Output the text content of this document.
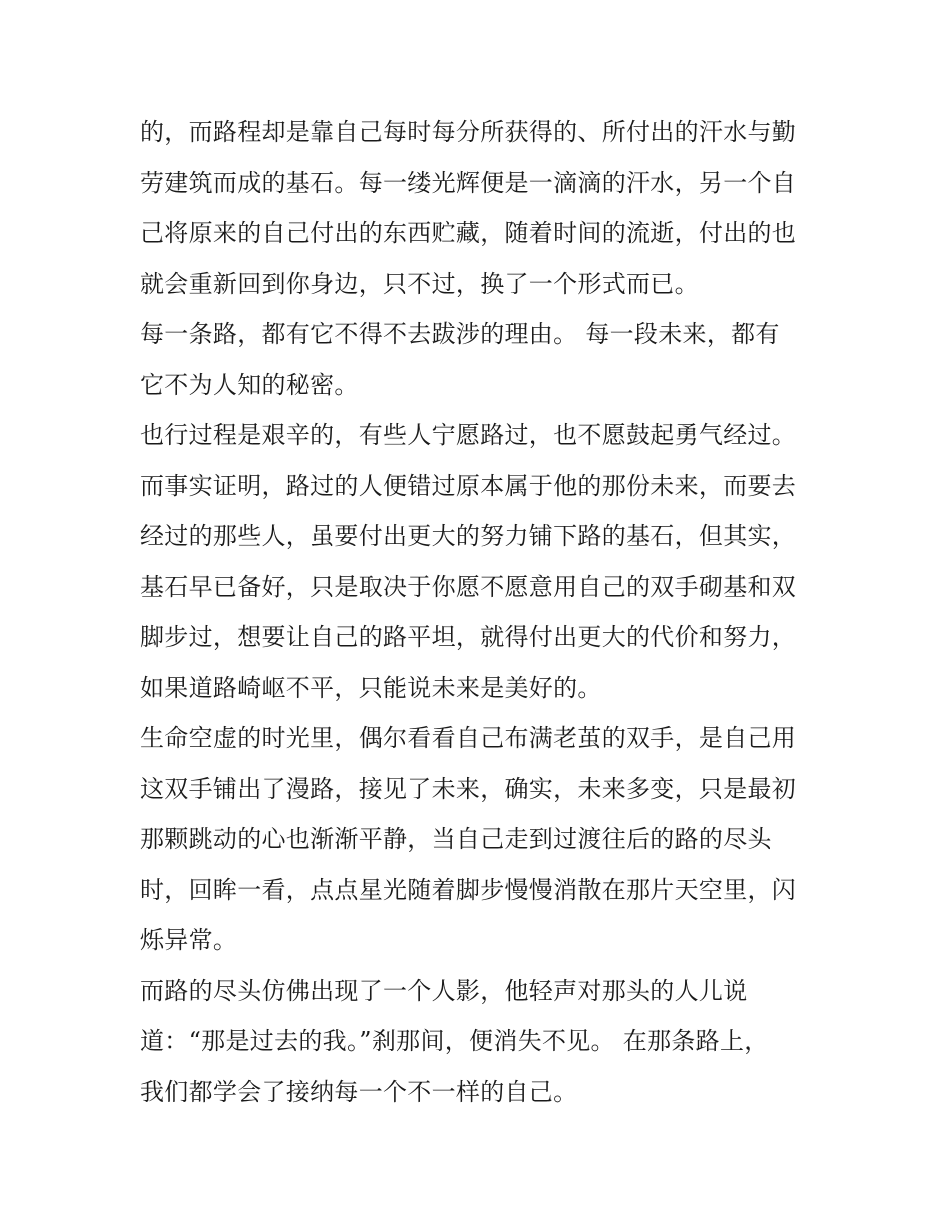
的，而路程却是靠自己每时每分所获得的、所付出的汗水与勤
劳建筑而成的基石。每一缕光辉便是一滴滴的汗水，另一个自
己将原来的自己付出的东西贮藏，随着时间的流逝，付出的也
就会重新回到你身边，只不过，换了一个形式而已。
每一条路，都有它不得不去跋涉的理由。 每一段未来，都有
它不为人知的秘密。
也行过程是艰辛的，有些人宁愿路过，也不愿鼓起勇气经过。
而事实证明，路过的人便错过原本属于他的那份未来，而要去
经过的那些人，虽要付出更大的努力铺下路的基石，但其实，
基石早已备好，只是取决于你愿不愿意用自己的双手砌基和双
脚步过，想要让自己的路平坦，就得付出更大的代价和努力，
如果道路崎岖不平，只能说未来是美好的。
生命空虚的时光里，偶尔看看自己布满老茧的双手，是自己用
这双手铺出了漫路，接见了未来，确实，未来多变，只是最初
那颗跳动的心也渐渐平静，当自己走到过渡往后的路的尽头
时，回眸一看，点点星光随着脚步慢慢消散在那片天空里，闪
烁异常。
而路的尽头仿佛出现了一个人影，他轻声对那头的人儿说
道：“那是过去的我。”刹那间，便消失不见。 在那条路上，
我们都学会了接纳每一个不一样的自己。
